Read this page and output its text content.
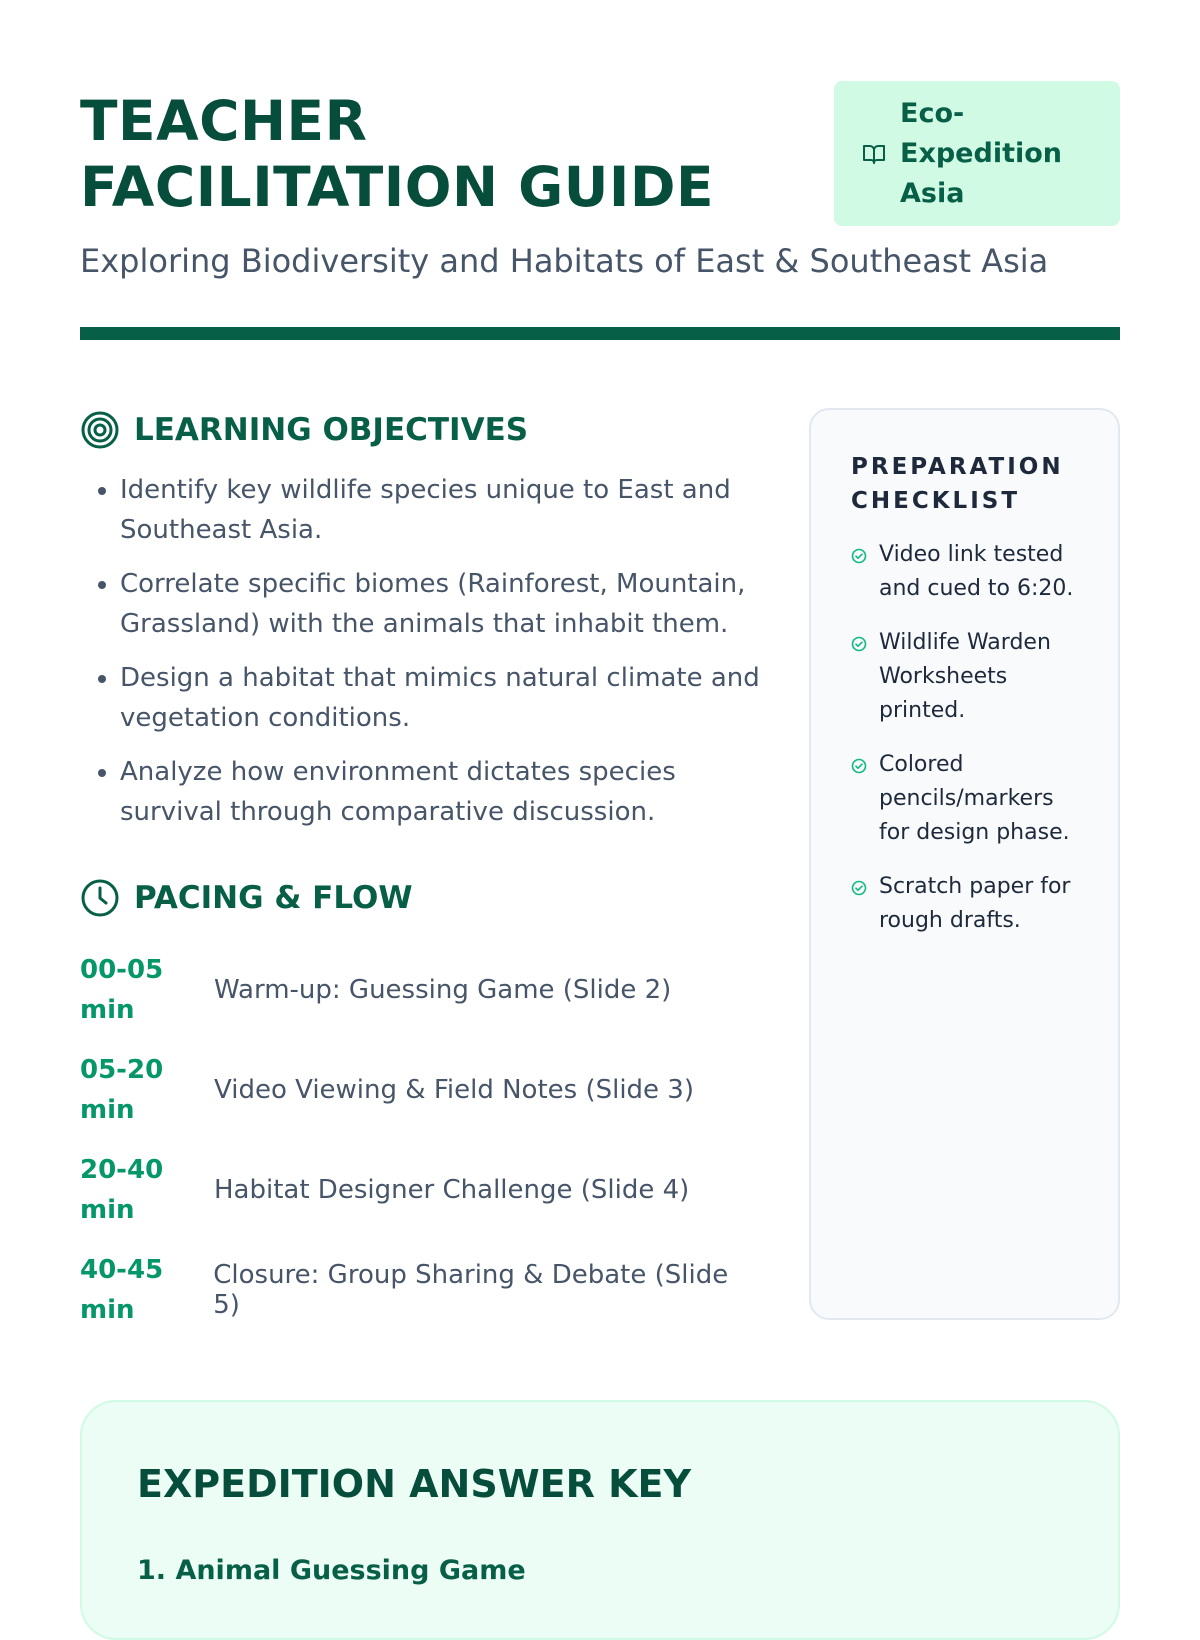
TEACHER
FACILITATION GUIDE
Eco-
Expedition
Asia
Exploring Biodiversity and Habitats of East & Southeast Asia
LEARNING OBJECTIVES
• Identify key wildlife species unique to East and Southeast Asia.
• Correlate specific biomes (Rainforest, Mountain, Grassland) with the animals that inhabit them.
• Design a habitat that mimics natural climate and vegetation conditions.
• Analyze how environment dictates species survival through comparative discussion.
PACING & FLOW
00-05 min
Warm-up: Guessing Game (Slide 2)
05-20 min
Video Viewing & Field Notes (Slide 3)
20-40 min
Habitat Designer Challenge (Slide 4)
40-45 min
Closure: Group Sharing & Debate (Slide 5)
PREPARATION CHECKLIST
Video link tested and cued to 6:20.
Wildlife Warden Worksheets printed.
Colored pencils/markers for design phase.
Scratch paper for rough drafts.
EXPEDITION ANSWER KEY
1. Animal Guessing Game
